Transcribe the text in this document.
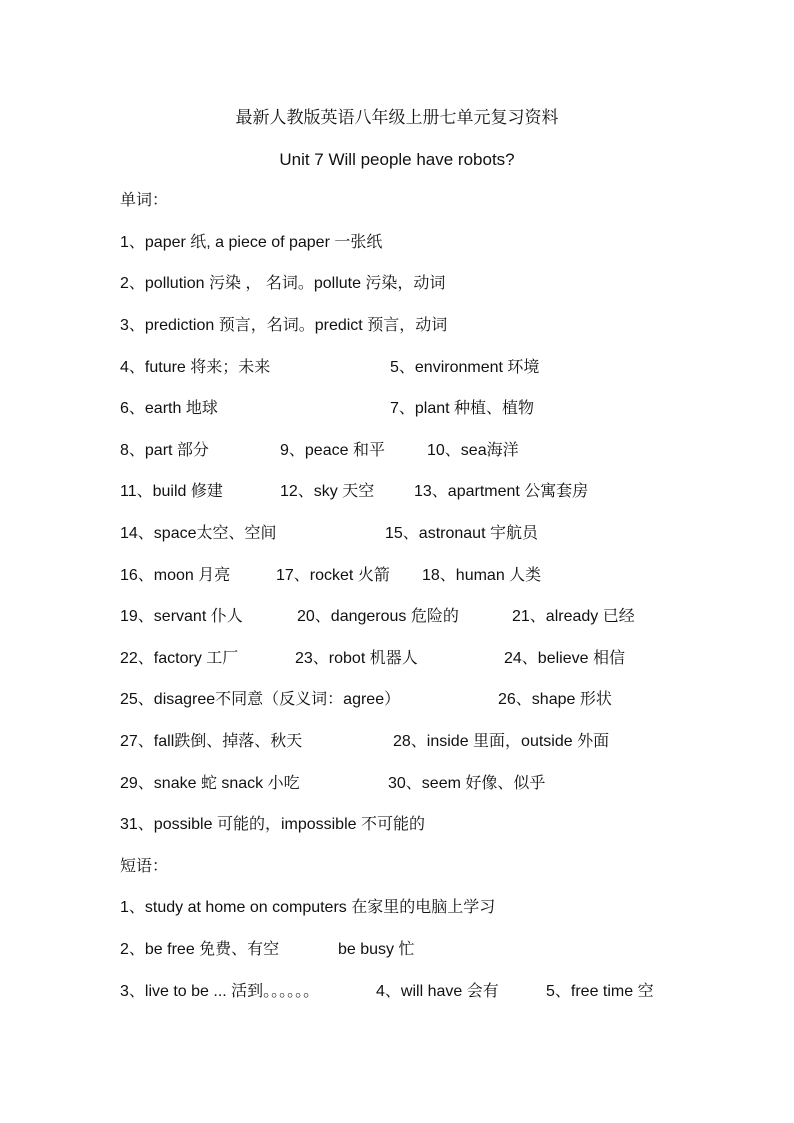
最新人教版英语八年级上册七单元复习资料
Unit 7 Will people have robots?
单词：
1、paper 纸, a piece of paper 一张纸
2、pollution 污染 ， 名词。pollute 污染，动词
3、prediction 预言，名词。predict 预言，动词
4、future 将来；未来	5、environment 环境
6、earth 地球	7、plant 种植、植物
8、part 部分	9、peace 和平	10、sea海洋
11、build 修建	12、sky 天空 13、apartment 公寓套房
14、space太空、空间	15、astronaut 宇航员
16、moon 月亮	17、rocket 火箭 18、human 人类
19、servant 仆人	20、dangerous 危险的	21、already 已经
22、factory 工厂	23、robot 机器人	24、believe 相信
25、disagree不同意（反义词：agree）	26、shape 形状
27、fall跌倒、掉落、秋天	28、inside 里面，outside 外面
29、snake 蛇 snack 小吃	30、seem 好像、似乎
31、possible 可能的，impossible 不可能的
短语：
1、study at home on computers 在家里的电脑上学习
2、be free 免费、有空	be busy 忙
3、live to be ... 活到。。。。。。	4、will have 会有	5、free time 空
